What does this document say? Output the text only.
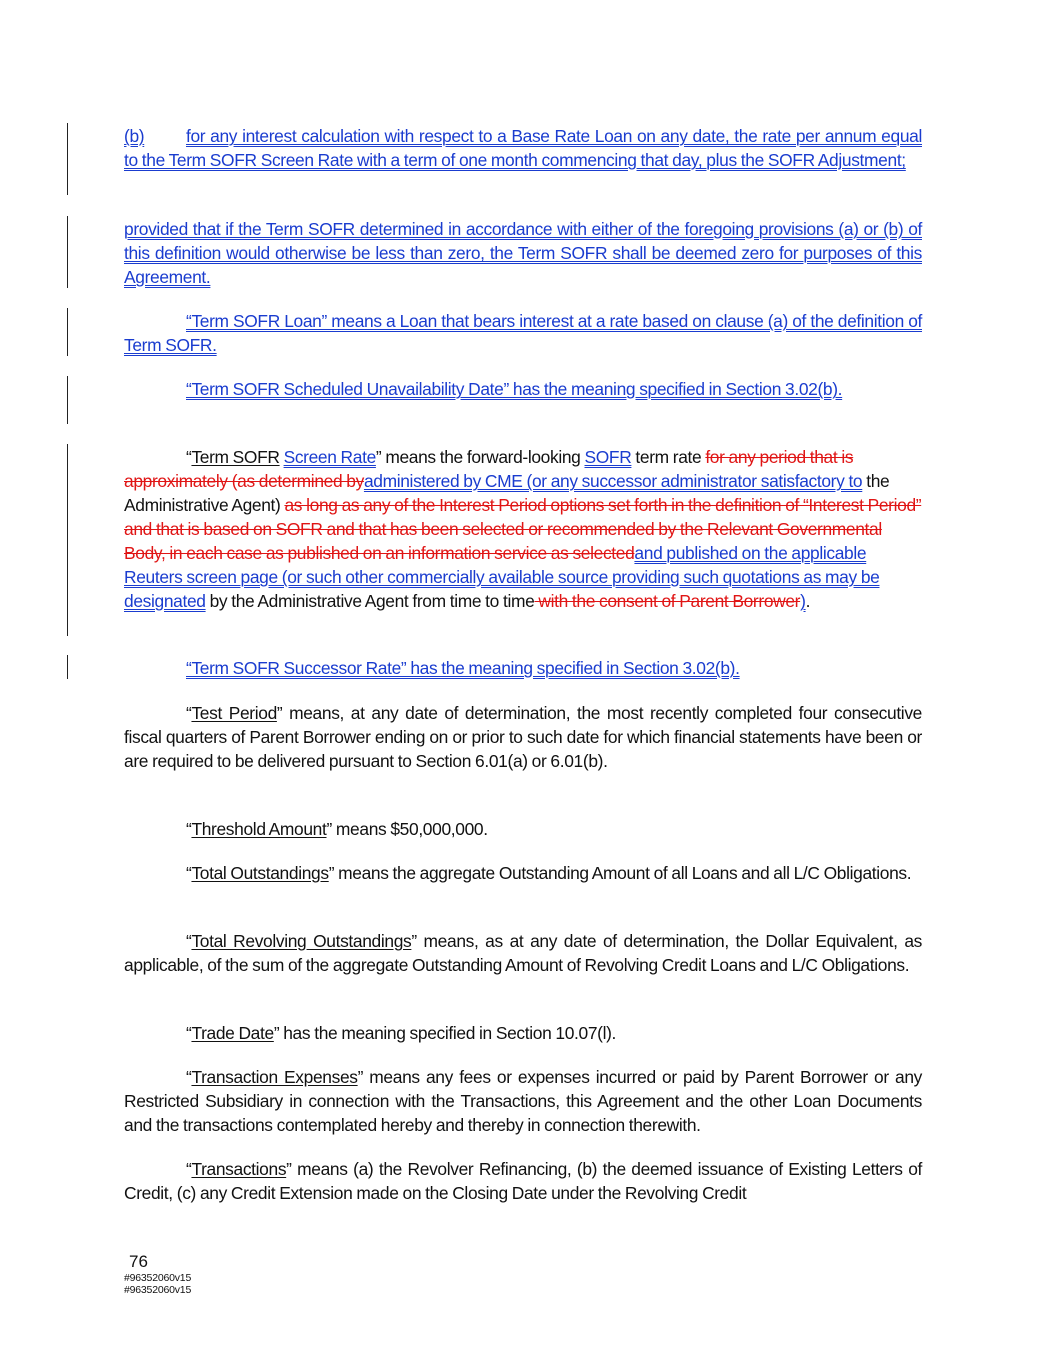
(b) for any interest calculation with respect to a Base Rate Loan on any date, the rate per annum equal to the Term SOFR Screen Rate with a term of one month commencing that day, plus the SOFR Adjustment;
provided that if the Term SOFR determined in accordance with either of the foregoing provisions (a) or (b) of this definition would otherwise be less than zero, the Term SOFR shall be deemed zero for purposes of this Agreement.
“Term SOFR Loan” means a Loan that bears interest at a rate based on clause (a) of the definition of Term SOFR.
“Term SOFR Scheduled Unavailability Date” has the meaning specified in Section 3.02(b).
“Term SOFR Screen Rate” means the forward-looking SOFR term rate for any period that is approximately (as determined byadministered by CME (or any successor administrator satisfactory to the Administrative Agent) as long as any of the Interest Period options set forth in the definition of “Interest Period” and that is based on SOFR and that has been selected or recommended by the Relevant Governmental Body, in each case as published on an information service as selectedand published on the applicable Reuters screen page (or such other commercially available source providing such quotations as may be designated by the Administrative Agent from time to time with the consent of Parent Borrower).
“Term SOFR Successor Rate” has the meaning specified in Section 3.02(b).
“Test Period” means, at any date of determination, the most recently completed four consecutive fiscal quarters of Parent Borrower ending on or prior to such date for which financial statements have been or are required to be delivered pursuant to Section 6.01(a) or 6.01(b).
“Threshold Amount” means $50,000,000.
“Total Outstandings” means the aggregate Outstanding Amount of all Loans and all L/C Obligations.
“Total Revolving Outstandings” means, as at any date of determination, the Dollar Equivalent, as applicable, of the sum of the aggregate Outstanding Amount of Revolving Credit Loans and L/C Obligations.
“Trade Date” has the meaning specified in Section 10.07(l).
“Transaction Expenses” means any fees or expenses incurred or paid by Parent Borrower or any Restricted Subsidiary in connection with the Transactions, this Agreement and the other Loan Documents and the transactions contemplated hereby and thereby in connection therewith.
“Transactions” means (a) the Revolver Refinancing, (b) the deemed issuance of Existing Letters of Credit, (c) any Credit Extension made on the Closing Date under the Revolving Credit
76
#96352060v15
#96352060v15
